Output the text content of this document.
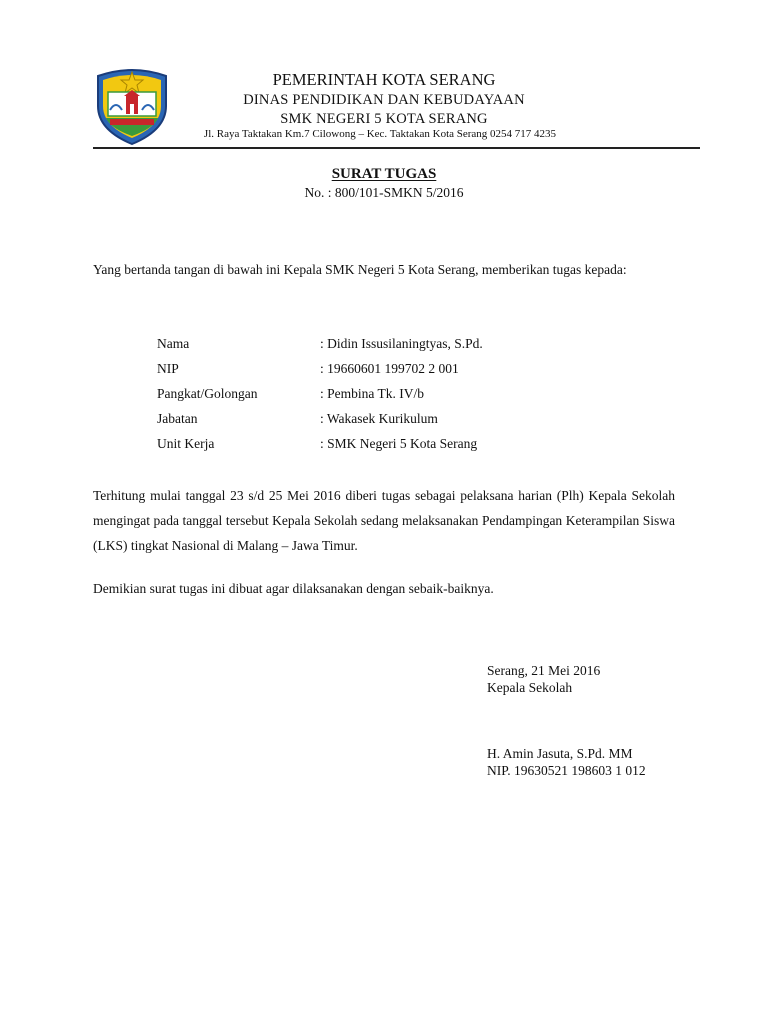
PEMERINTAH KOTA SERANG
DINAS PENDIDIKAN DAN KEBUDAYAAN
SMK NEGERI 5 KOTA SERANG
Jl. Raya Taktakan Km.7 Cilowong – Kec. Taktakan Kota Serang 0254 717 4235
SURAT TUGAS
No. : 800/101-SMKN 5/2016
Yang bertanda tangan di bawah ini Kepala SMK Negeri 5 Kota Serang, memberikan tugas kepada:
Nama	: Didin Issusilaningtyas, S.Pd.
NIP	: 19660601 199702 2 001
Pangkat/Golongan	: Pembina Tk. IV/b
Jabatan	: Wakasek Kurikulum
Unit Kerja	: SMK Negeri 5 Kota Serang
Terhitung mulai tanggal 23 s/d 25 Mei 2016 diberi tugas sebagai pelaksana harian (Plh) Kepala Sekolah mengingat pada tanggal tersebut Kepala Sekolah sedang melaksanakan Pendampingan Keterampilan Siswa (LKS) tingkat Nasional di Malang – Jawa Timur.
Demikian surat tugas ini dibuat agar dilaksanakan dengan sebaik-baiknya.
Serang, 21 Mei 2016
Kepala Sekolah
H. Amin Jasuta, S.Pd. MM
NIP. 19630521 198603 1 012
